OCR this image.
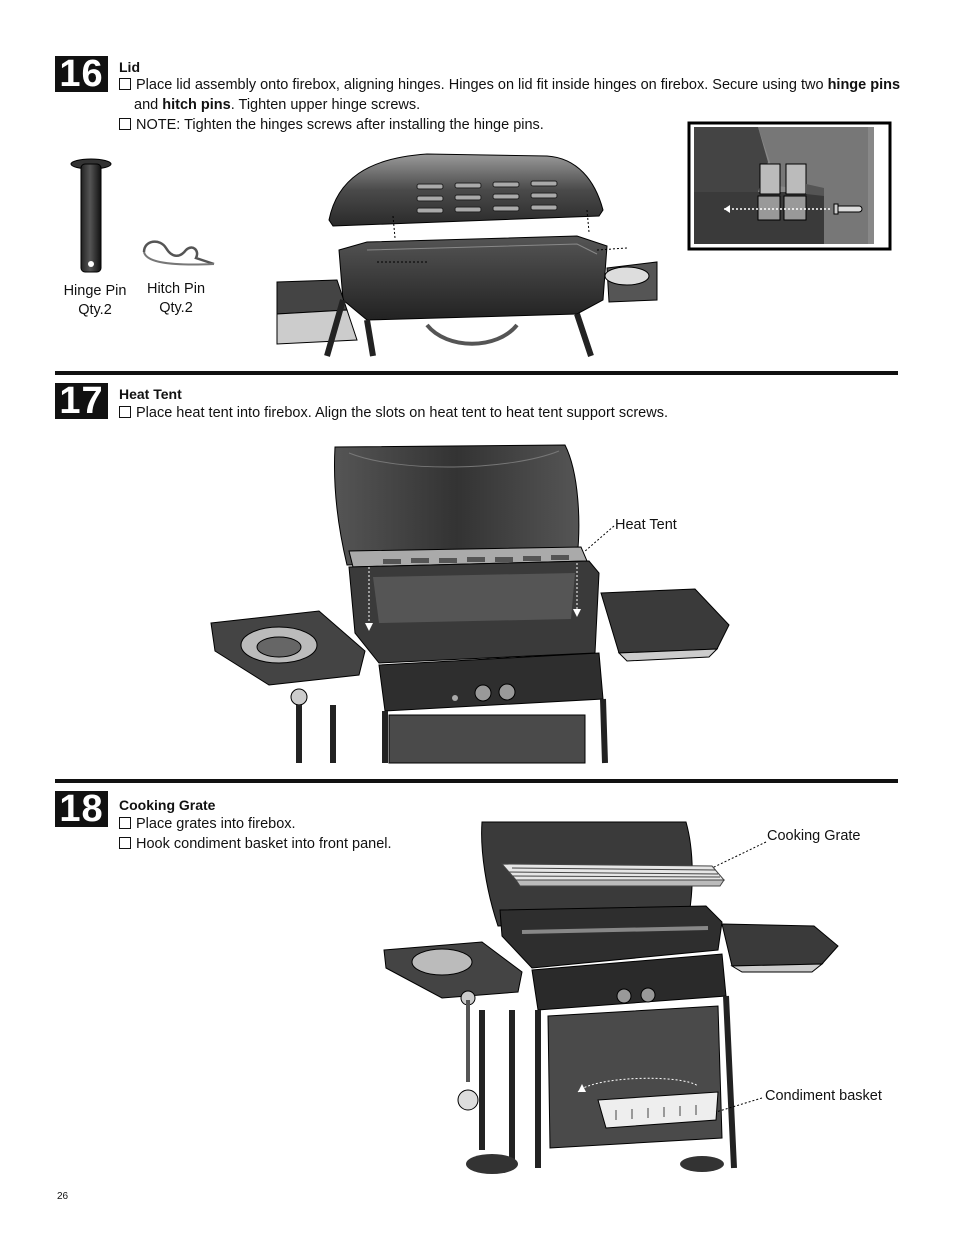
16	Lid
Place lid assembly onto firebox, aligning hinges. Hinges on lid fit inside hinges on firebox. Secure using two hinge pins
and hitch pins. Tighten upper hinge screws.
NOTE: Tighten the hinges screws after installing the hinge pins.
Hinge Pin
Qty.2
Hitch Pin
Qty.2
17	Heat Tent
Place heat tent into firebox. Align the slots on heat tent to heat tent support screws.
Heat Tent
18	Cooking Grate
Place grates into firebox.
Hook condiment basket into front panel.	Cooking Grate
Condiment basket
26
